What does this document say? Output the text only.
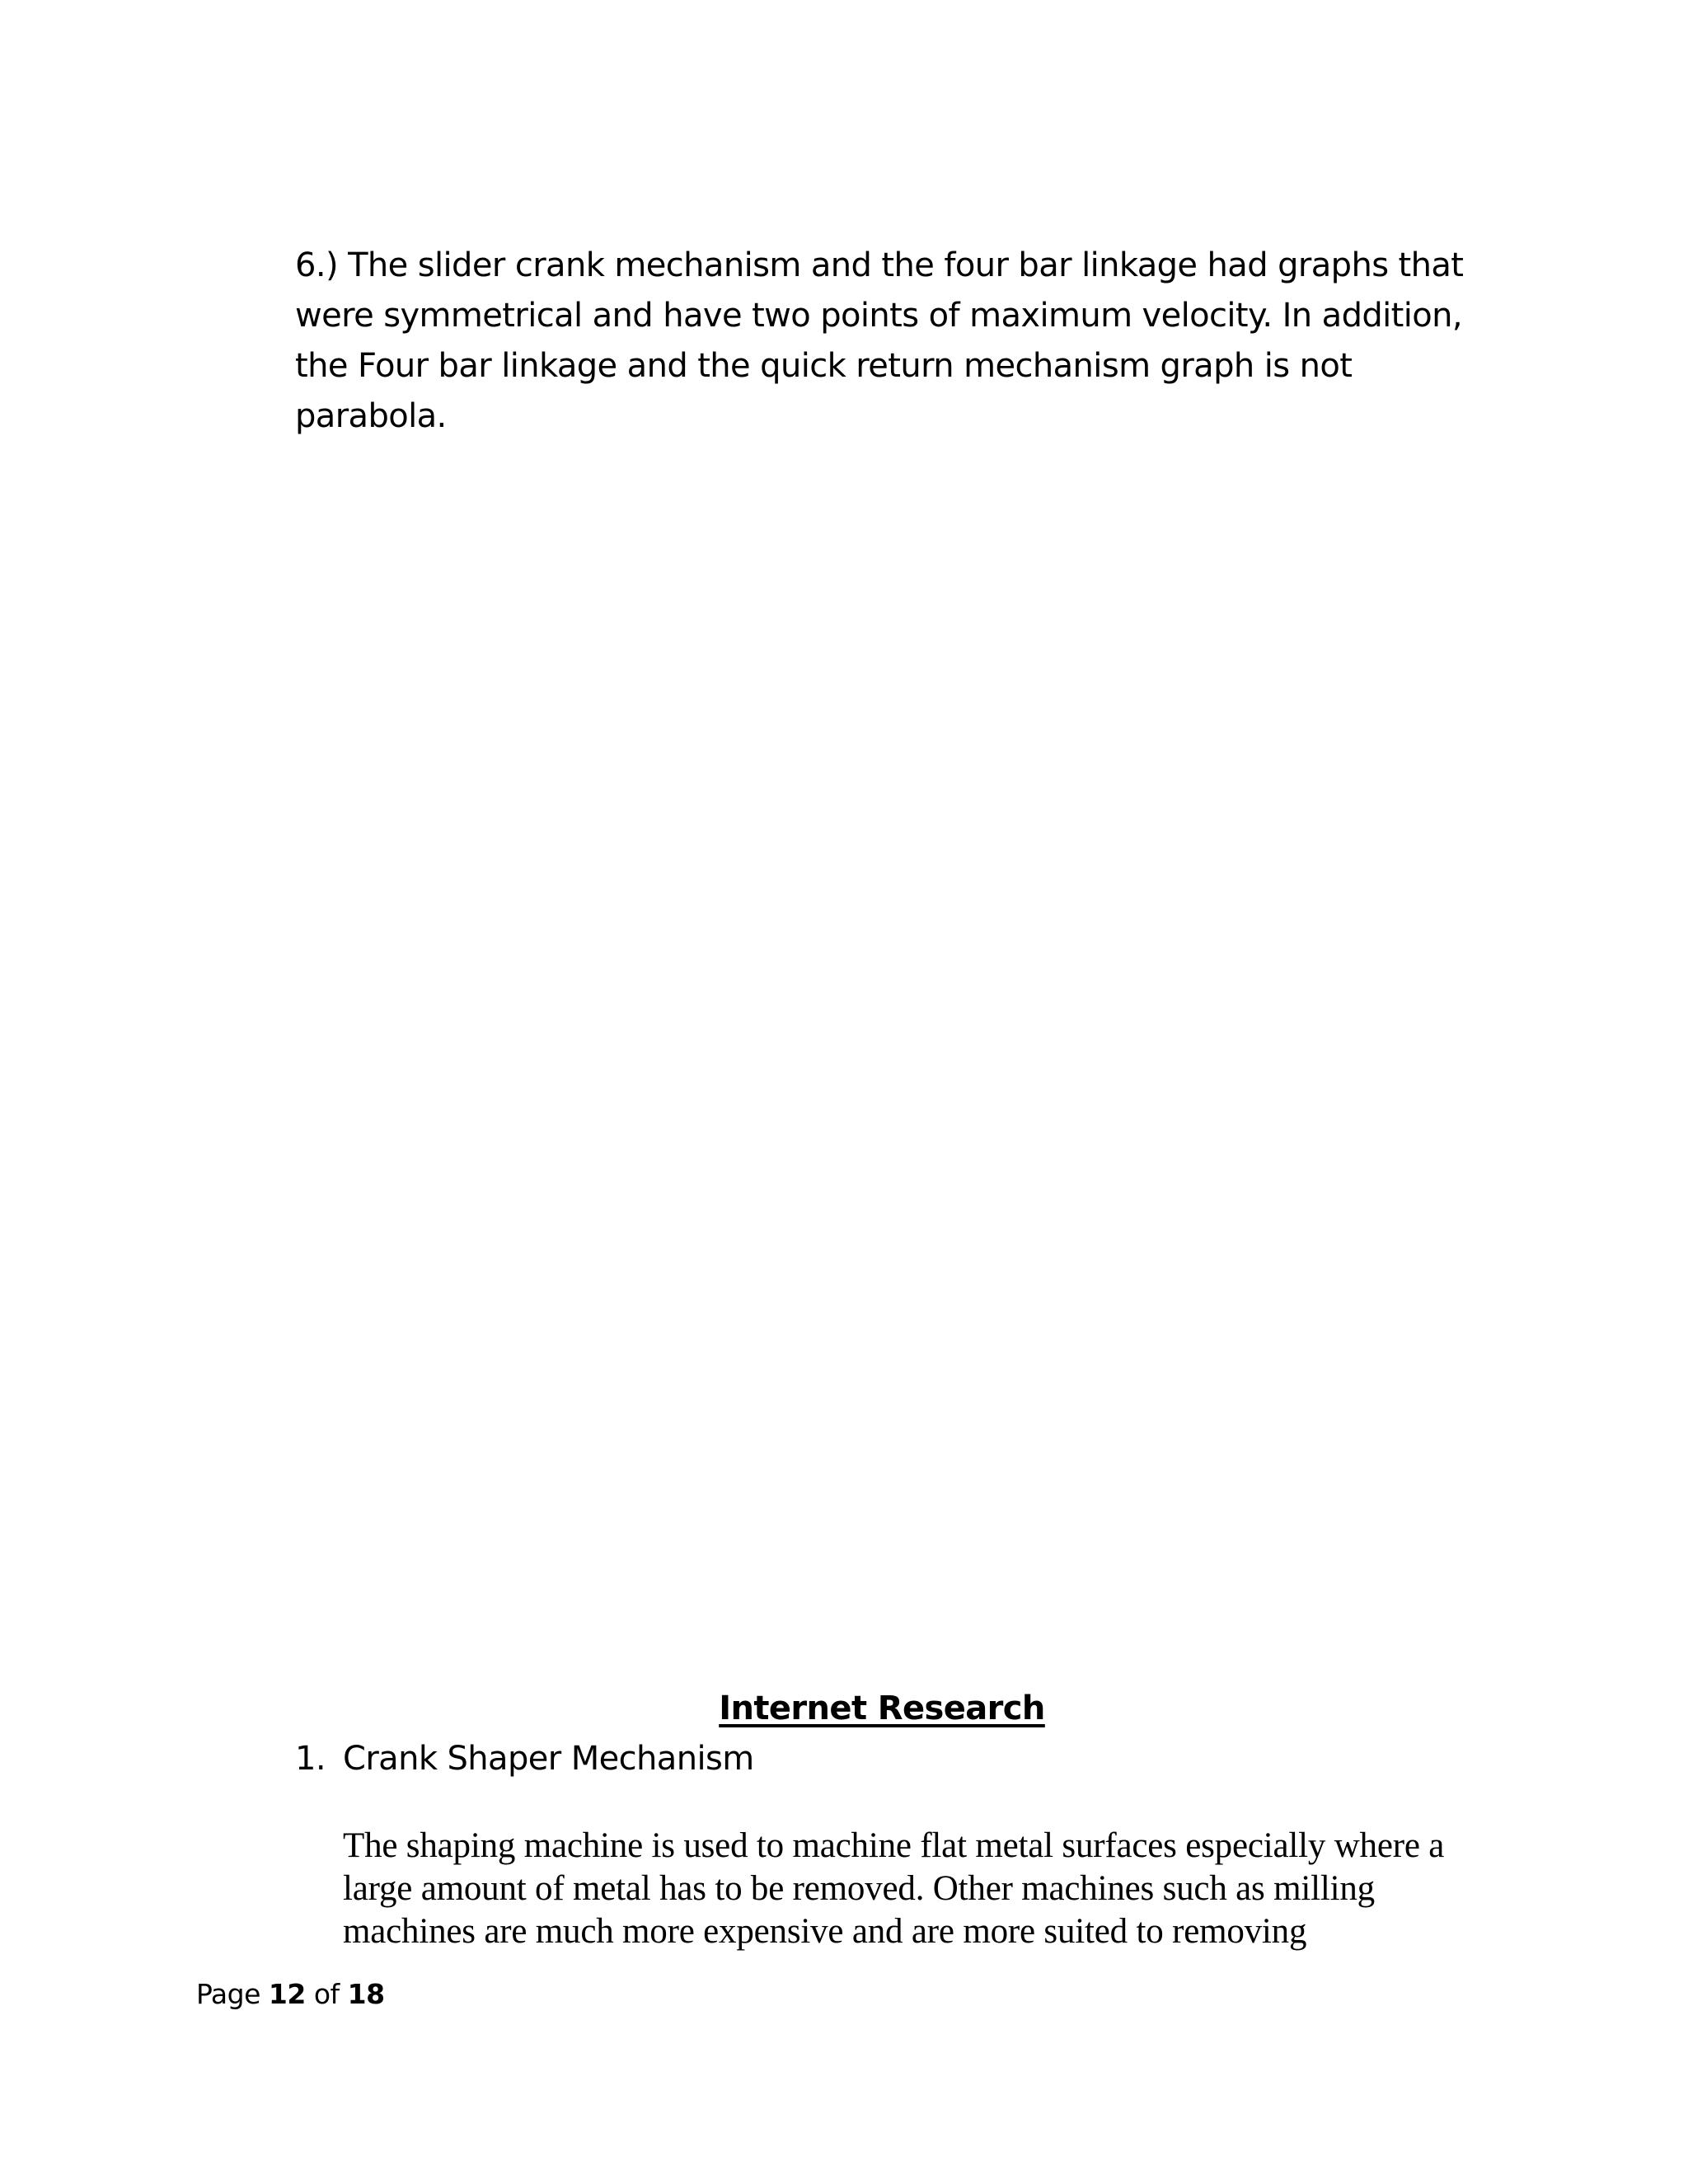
6.) The slider crank mechanism and the four bar linkage had graphs that were symmetrical and have two points of maximum velocity. In addition, the Four bar linkage and the quick return mechanism graph is not parabola.

Internet Research
1. Crank Shaper Mechanism

The shaping machine is used to machine flat metal surfaces especially where a large amount of metal has to be removed. Other machines such as milling machines are much more expensive and are more suited to removing

Page 12 of 18
